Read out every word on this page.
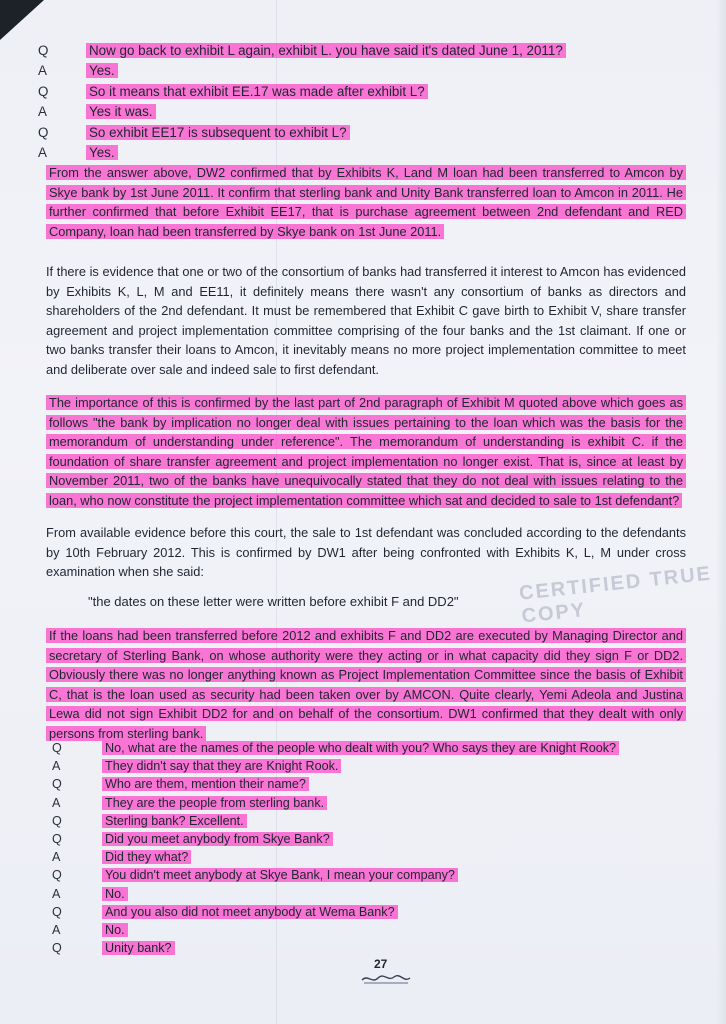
Q	Now go back to exhibit L again, exhibit L. you have said it's dated June 1, 2011?
A	Yes.
Q	So it means that exhibit EE.17 was made after exhibit L?
A	Yes it was.
Q	So exhibit EE17 is subsequent to exhibit L?
A	Yes.

From the answer above, DW2 confirmed that by Exhibits K, Land M loan had been transferred to Amcon by Skye bank by 1st June 2011. It confirm that sterling bank and Unity Bank transferred loan to Amcon in 2011. He further confirmed that before Exhibit EE17, that is purchase agreement between 2nd defendant and RED Company, loan had been transferred by Skye bank on 1st June 2011.

If there is evidence that one or two of the consortium of banks had transferred it interest to Amcon has evidenced by Exhibits K, L, M and EE11, it definitely means there wasn't any consortium of banks as directors and shareholders of the 2nd defendant. It must be remembered that Exhibit C gave birth to Exhibit V, share transfer agreement and project implementation committee comprising of the four banks and the 1st claimant. If one or two banks transfer their loans to Amcon, it inevitably means no more project implementation committee to meet and deliberate over sale and indeed sale to first defendant.

The importance of this is confirmed by the last part of 2nd paragraph of Exhibit M quoted above which goes as follows "the bank by implication no longer deal with issues pertaining to the loan which was the basis for the memorandum of understanding under reference". The memorandum of understanding is exhibit C. if the foundation of share transfer agreement and project implementation no longer exist. That is, since at least by November 2011, two of the banks have unequivocally stated that they do not deal with issues relating to the loan, who now constitute the project implementation committee which sat and decided to sale to 1st defendant?

From available evidence before this court, the sale to 1st defendant was concluded according to the defendants by 10th February 2012. This is confirmed by DW1 after being confronted with Exhibits K, L, M under cross examination when she said:

"the dates on these letter were written before exhibit F and DD2"	CERTIFIED TRUE COPY

If the loans had been transferred before 2012 and exhibits F and DD2 are executed by Managing Director and secretary of Sterling Bank, on whose authority were they acting or in what capacity did they sign F or DD2. Obviously there was no longer anything known as Project Implementation Committee since the basis of Exhibit C, that is the loan used as security had been taken over by AMCON. Quite clearly, Yemi Adeola and Justina Lewa did not sign Exhibit DD2 for and on behalf of the consortium. DW1 confirmed that they dealt with only persons from sterling bank.

Q	No, what are the names of the people who dealt with you? Who says they are Knight Rook?
A	They didn't say that they are Knight Rook.
Q	Who are them, mention their name?
A	They are the people from sterling bank.
Q	Sterling bank? Excellent.
Q	Did you meet anybody from Skye Bank?
A	Did they what?
Q	You didn't meet anybody at Skye Bank, I mean your company?
A	No.
Q	And you also did not meet anybody at Wema Bank?
A	No.
Q	Unity bank?
27
